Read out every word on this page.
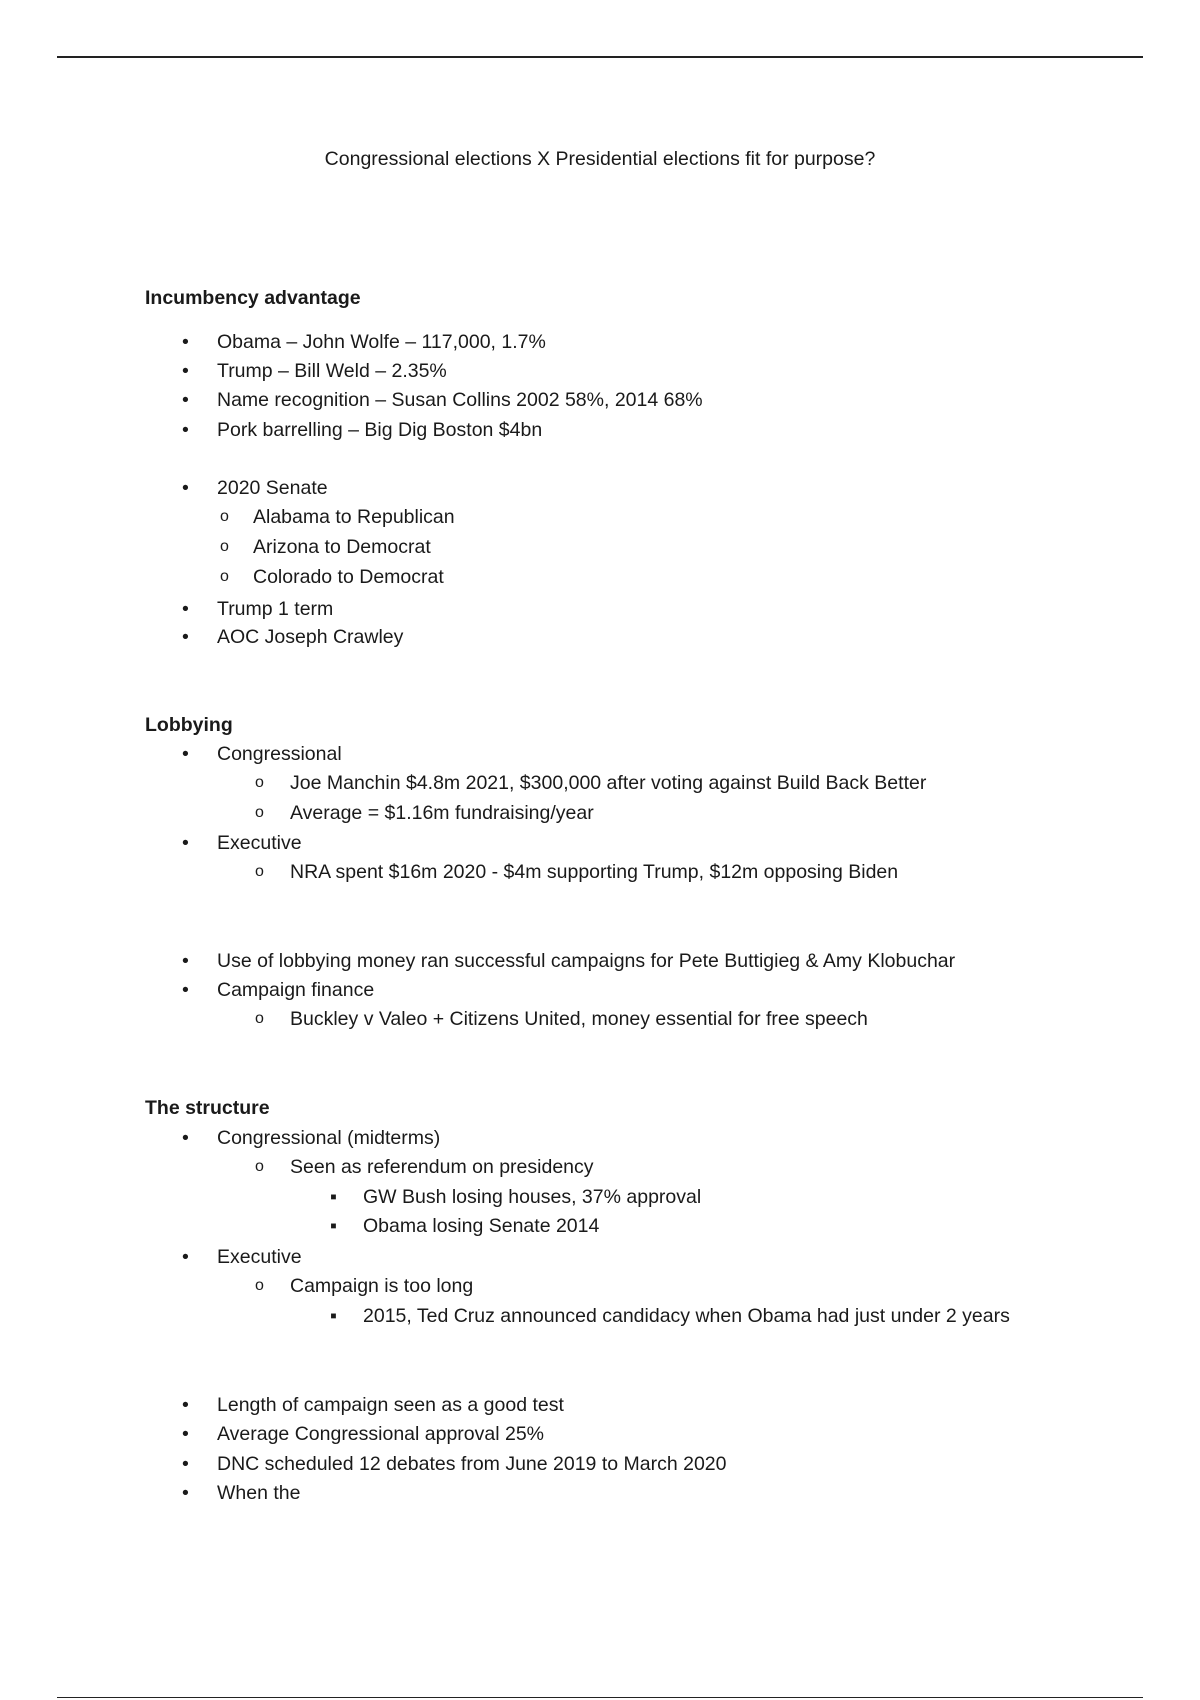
Congressional elections X Presidential elections fit for purpose?
Incumbency advantage
•
Obama – John Wolfe – 117,000, 1.7%
•
Trump – Bill Weld – 2.35%
•
Name recognition – Susan Collins 2002 58%, 2014 68%
•
Pork barrelling – Big Dig Boston $4bn
•
2020 Senate
o
Alabama to Republican
o
Arizona to Democrat
o
Colorado to Democrat
•
Trump 1 term
•
AOC Joseph Crawley
Lobbying
•
Congressional
o
Joe Manchin $4.8m 2021, $300,000 after voting against Build Back Better
o
Average = $1.16m fundraising/year
•
Executive
o
NRA spent $16m 2020 - $4m supporting Trump, $12m opposing Biden
•
Use of lobbying money ran successful campaigns for Pete Buttigieg & Amy Klobuchar
•
Campaign finance
o
Buckley v Valeo + Citizens United, money essential for free speech
The structure
•
Congressional (midterms)
o
Seen as referendum on presidency
▪
GW Bush losing houses, 37% approval
▪
Obama losing Senate 2014
•
Executive
o
Campaign is too long
▪
2015, Ted Cruz announced candidacy when Obama had just under 2 years
•
Length of campaign seen as a good test
•
Average Congressional approval 25%
•
DNC scheduled 12 debates from June 2019 to March 2020
•
When the
